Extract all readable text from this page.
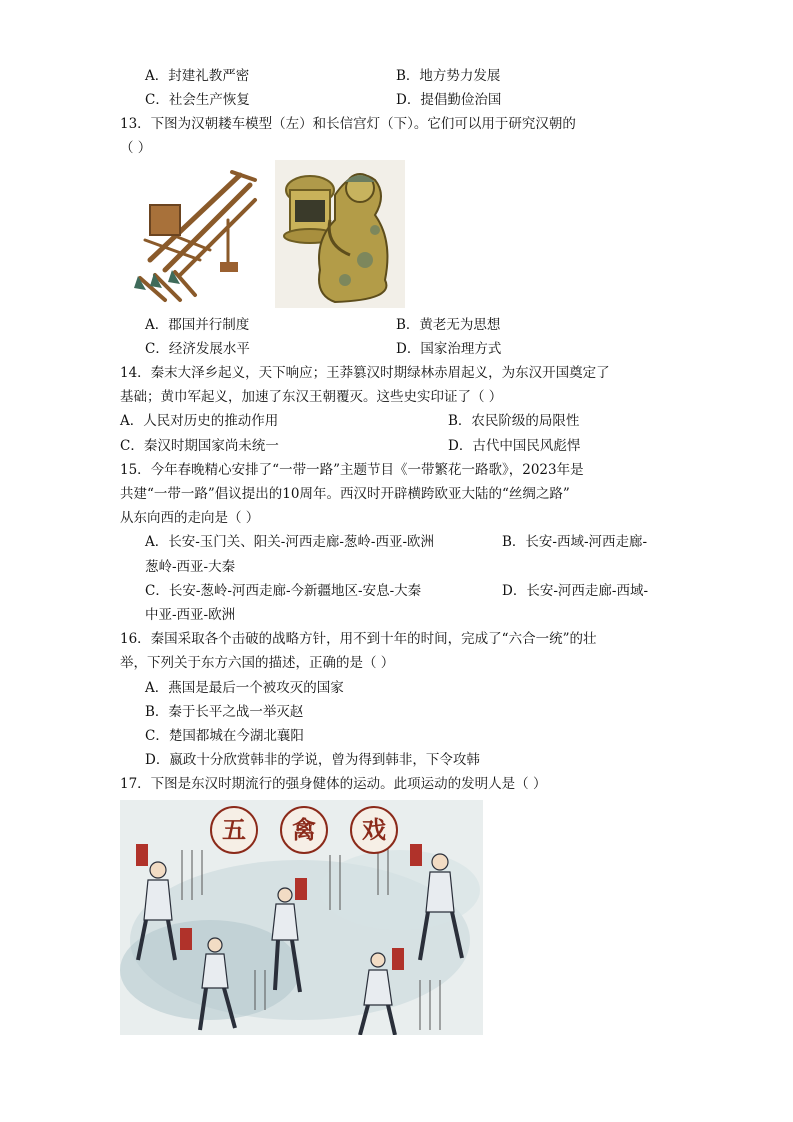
A．封建礼教严密	B．地方势力发展
C．社会生产恢复	D．提倡勤俭治国
13．下图为汉朝耧车模型（左）和长信宫灯（下）。它们可以用于研究汉朝的
（ ）
A．郡国并行制度	B．黄老无为思想
C．经济发展水平	D．国家治理方式
14．秦末大泽乡起义，天下响应；王莽篡汉时期绿林赤眉起义，为东汉开国奠定了
基础；黄巾军起义，加速了东汉王朝覆灭。这些史实印证了（ ）
A．人民对历史的推动作用	B．农民阶级的局限性
C．秦汉时期国家尚未统一	D．古代中国民风彪悍
15．今年春晚精心安排了“一带一路”主题节目《一带繁花一路歌》，2023年是
共建“一带一路”倡议提出的10周年。西汉时开辟横跨欧亚大陆的“丝绸之路”
从东向西的走向是（ ）
A．长安-玉门关、阳关-河西走廊-葱岭-西亚-欧洲	B．长安-西域-河西走廊-
葱岭-西亚-大秦
C．长安-葱岭-河西走廊-今新疆地区-安息-大秦	D．长安-河西走廊-西域-
中亚-西亚-欧洲
16．秦国采取各个击破的战略方针，用不到十年的时间，完成了“六合一统”的壮
举，下列关于东方六国的描述，正确的是（ ）
A．燕国是最后一个被攻灭的国家
B．秦于长平之战一举灭赵
C．楚国都城在今湖北襄阳
D．嬴政十分欣赏韩非的学说，曾为得到韩非，下令攻韩
17．下图是东汉时期流行的强身健体的运动。此项运动的发明人是（ ）
五	禽	戏
